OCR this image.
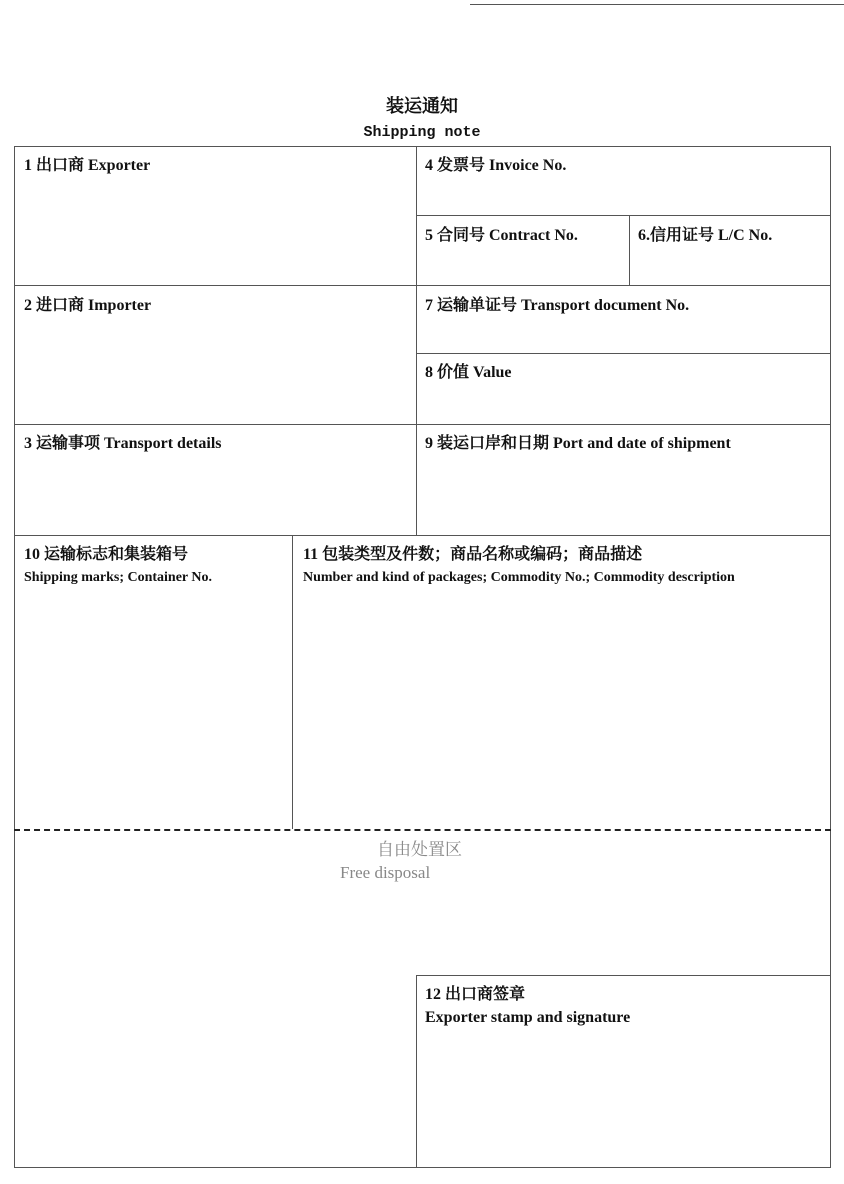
装运通知
Shipping note
1 出口商 Exporter	4 发票号 Invoice No.
5 合同号 Contract No.	6.信用证号 L/C No.
2 进口商 Importer	7 运输单证号 Transport document No.
8 价值 Value
3 运输事项 Transport details	9 装运口岸和日期 Port and date of shipment
10 运输标志和集装箱号
Shipping marks; Container No.
11 包装类型及件数；商品名称或编码；商品描述
Number and kind of packages; Commodity No.; Commodity description
自由处置区
Free disposal
12 出口商签章
Exporter stamp and signature
